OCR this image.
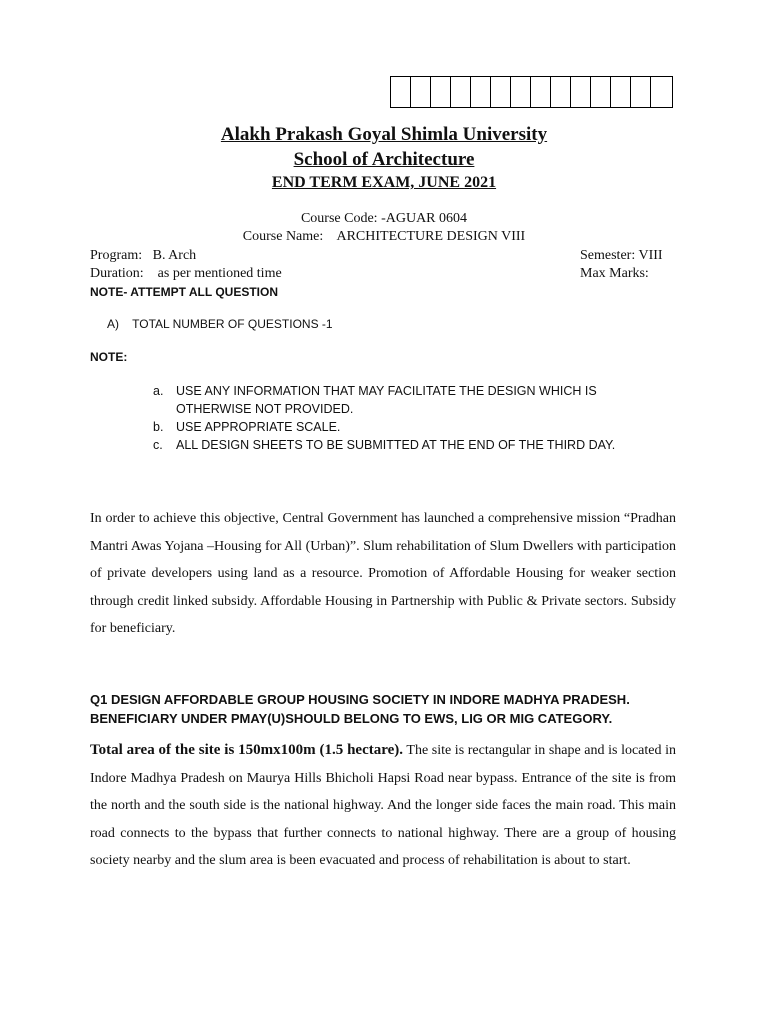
Alakh Prakash Goyal Shimla University
School of Architecture
END TERM EXAM, JUNE 2021
Course Code: -AGUAR 0604
Course Name:    ARCHITECTURE DESIGN VIII
Program:   B. Arch	Semester: VIII
Duration:    as per mentioned time	Max Marks:
NOTE- ATTEMPT ALL QUESTION
A)    TOTAL NUMBER OF QUESTIONS -1
NOTE:
a.	USE ANY INFORMATION THAT MAY FACILITATE THE DESIGN WHICH IS OTHERWISE NOT PROVIDED.
b.	USE APPROPRIATE SCALE.
c.	ALL DESIGN SHEETS TO BE SUBMITTED AT THE END OF THE THIRD DAY.
In order to achieve this objective, Central Government has launched a comprehensive mission “Pradhan Mantri Awas Yojana –Housing for All (Urban)”. Slum rehabilitation of Slum Dwellers with participation of private developers using land as a resource. Promotion of Affordable Housing for weaker section through credit linked subsidy. Affordable Housing in Partnership with Public & Private sectors. Subsidy for beneficiary.
Q1 DESIGN AFFORDABLE GROUP HOUSING SOCIETY IN INDORE MADHYA PRADESH.
BENEFICIARY UNDER PMAY(U)SHOULD BELONG TO EWS, LIG OR MIG CATEGORY.
Total area of the site is 150mx100m (1.5 hectare). The site is rectangular in shape and is located in Indore Madhya Pradesh on Maurya Hills Bhicholi Hapsi Road near bypass. Entrance of the site is from the north and the south side is the national highway. And the longer side faces the main road. This main road connects to the bypass that further connects to national highway. There are a group of housing society nearby and the slum area is been evacuated and process of rehabilitation is about to start.
